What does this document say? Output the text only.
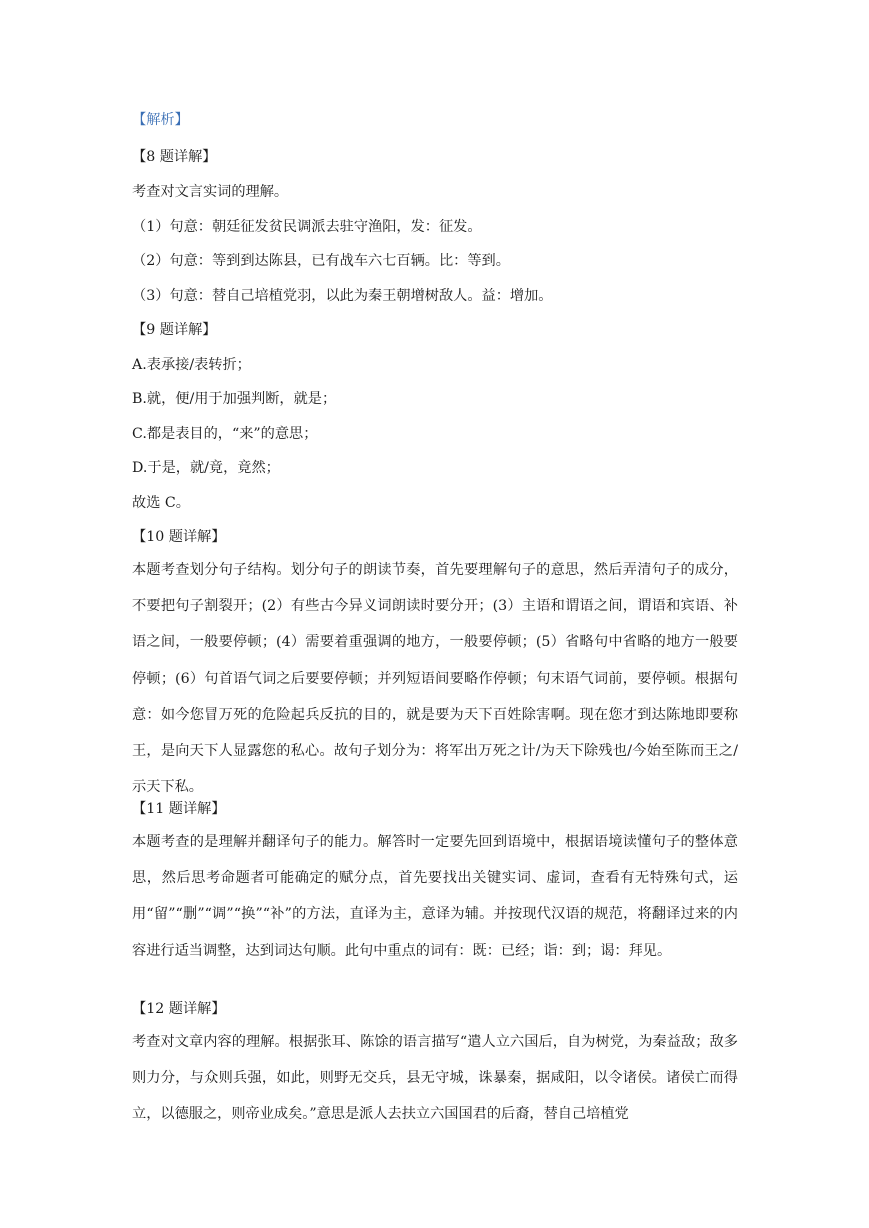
【解析】
【8 题详解】
考查对文言实词的理解。
（1）句意：朝廷征发贫民调派去驻守渔阳，发：征发。
（2）句意：等到到达陈县，已有战车六七百辆。比：等到。
（3）句意：替自己培植党羽，以此为秦王朝增树敌人。益：增加。
【9 题详解】
A.表承接/表转折；
B.就，便/用于加强判断，就是；
C.都是表目的，“来”的意思；
D.于是，就/竟，竟然；
故选 C。
【10 题详解】
本题考查划分句子结构。划分句子的朗读节奏，首先要理解句子的意思，然后弄清句子的成分，不要把句子割裂开；(2）有些古今异义词朗读时要分开；(3）主语和谓语之间，谓语和宾语、补语之间，一般要停顿；(4）需要着重强调的地方，一般要停顿；(5）省略句中省略的地方一般要停顿；(6）句首语气词之后要要停顿；并列短语间要略作停顿；句末语气词前，要停顿。根据句意：如今您冒万死的危险起兵反抗的目的，就是要为天下百姓除害啊。现在您才到达陈地即要称王，是向天下人显露您的私心。故句子划分为：将军出万死之计/为天下除残也/今始至陈而王之/示天下私。
【11 题详解】
本题考查的是理解并翻译句子的能力。解答时一定要先回到语境中，根据语境读懂句子的整体意思，然后思考命题者可能确定的赋分点，首先要找出关键实词、虚词，查看有无特殊句式，运用“留”“删”“调”“换”“补”的方法，直译为主，意译为辅。并按现代汉语的规范，将翻译过来的内容进行适当调整，达到词达句顺。此句中重点的词有：既：已经；诣：到；谒：拜见。
【12 题详解】
考查对文章内容的理解。根据张耳、陈馀的语言描写“遣人立六国后，自为树党，为秦益敌；敌多则力分，与众则兵强，如此，则野无交兵，县无守城，诛暴秦，据咸阳，以令诸侯。诸侯亡而得立，以德服之，则帝业成矣。”意思是派人去扶立六国国君的后裔，替自己培植党
